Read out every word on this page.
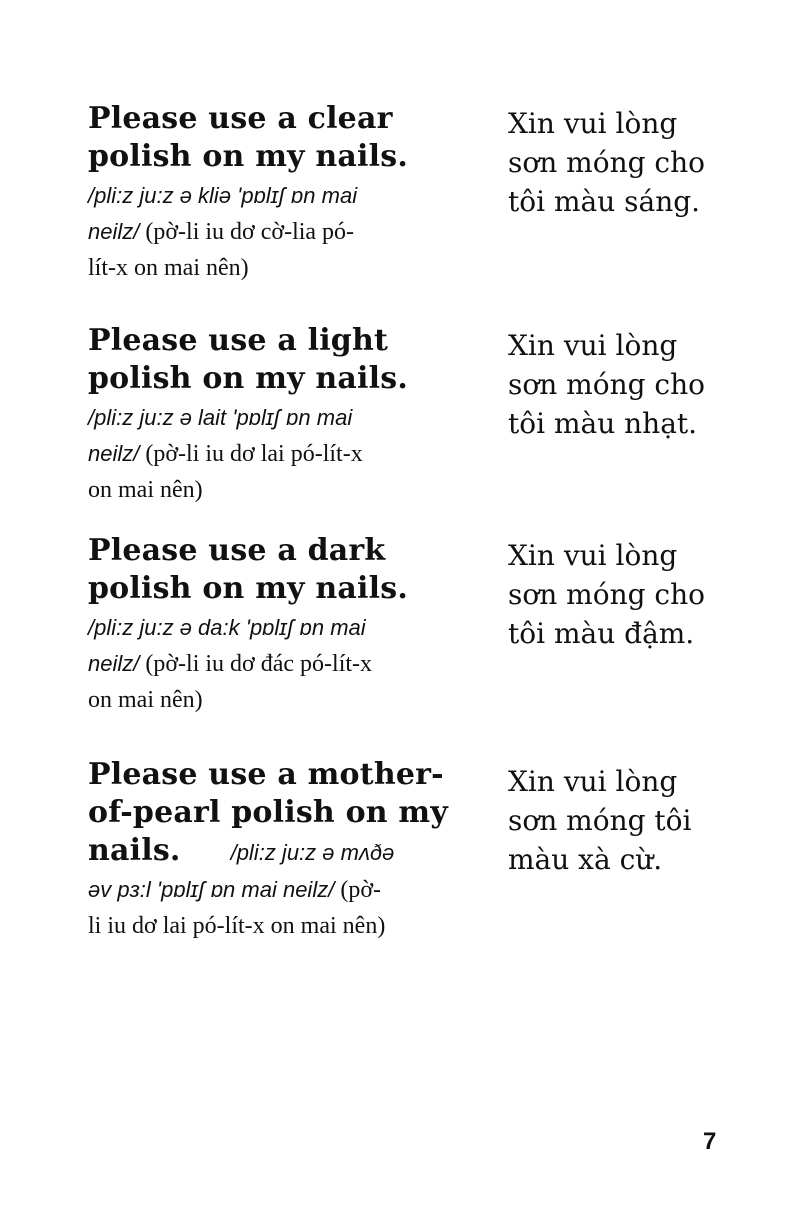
Please use a clear
polish on my nails.
/pli:z ju:z ə kliə 'pɒlɪʃ ɒn mai
neilz/ (pờ-li iu dơ cờ-lia pó-
lít-x on mai nên)
Xin vui lòng
sơn móng cho
tôi màu sáng.
Please use a light
polish on my nails.
/pli:z ju:z ə lait 'pɒlɪʃ ɒn mai
neilz/ (pờ-li iu dơ lai pó-lít-x
on mai nên)
Xin vui lòng
sơn móng cho
tôi màu nhạt.
Please use a dark
polish on my nails.
/pli:z ju:z ə da:k 'pɒlɪʃ ɒn mai
neilz/ (pờ-li iu dơ đác pó-lít-x
on mai nên)
Xin vui lòng
sơn móng cho
tôi màu đậm.
Please use a mother-
of-pearl polish on my
nails. /pli:z ju:z ə mʌðə
əv pɜ:l 'pɒlɪʃ ɒn mai neilz/ (pờ-
li iu dơ lai pó-lít-x on mai nên)
Xin vui lòng
sơn móng tôi
màu xà cừ.
7
